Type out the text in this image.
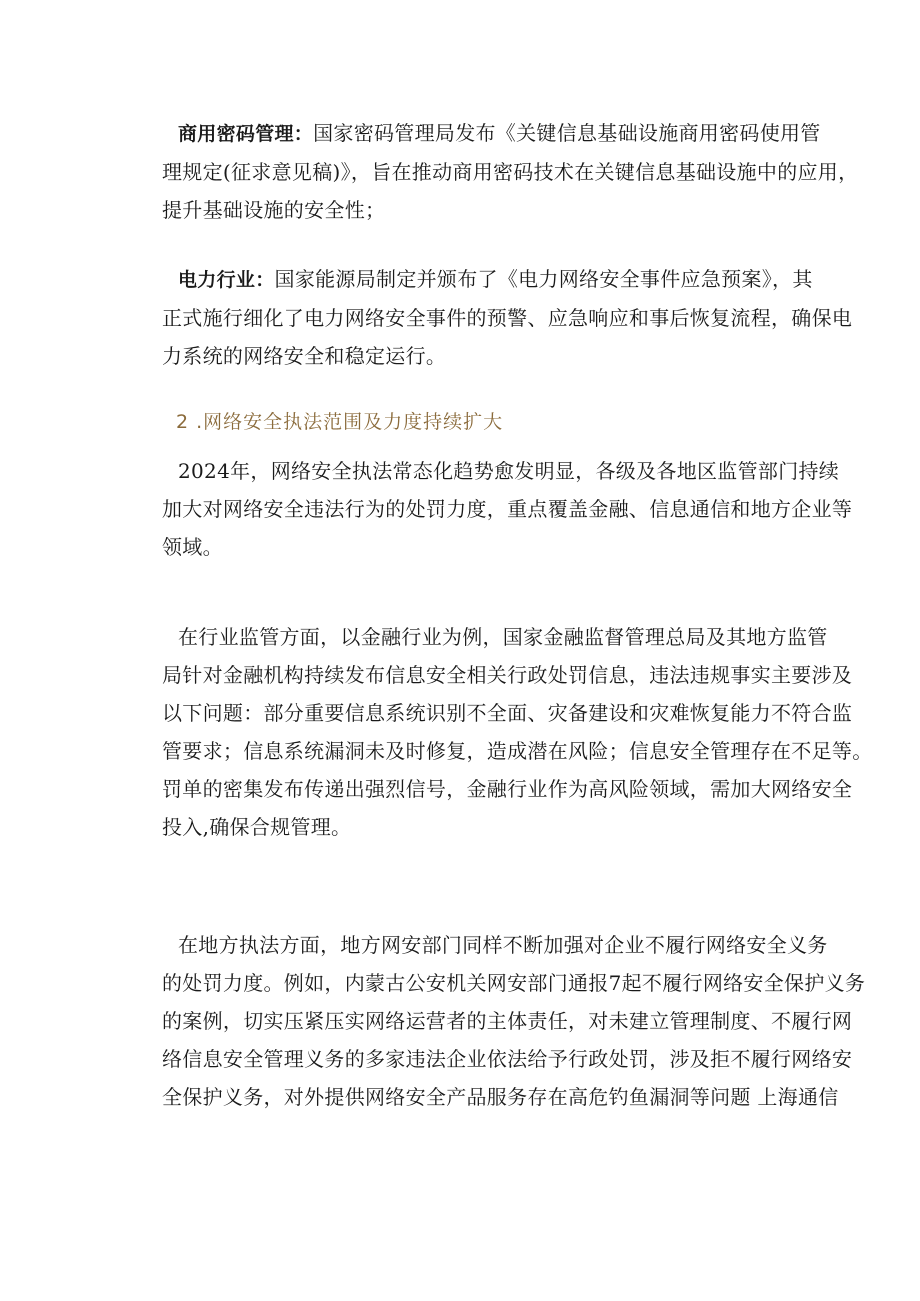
商用密码管理：国家密码管理局发布《关键信息基础设施商用密码使用管
理规定(征求意见稿)》，旨在推动商用密码技术在关键信息基础设施中的应用，
提升基础设施的安全性；

电力行业：国家能源局制定并颁布了《电力网络安全事件应急预案》，其
正式施行细化了电力网络安全事件的预警、应急响应和事后恢复流程，确保电
力系统的网络安全和稳定运行。

2 .网络安全执法范围及力度持续扩大

2024年，网络安全执法常态化趋势愈发明显，各级及各地区监管部门持续
加大对网络安全违法行为的处罚力度，重点覆盖金融、信息通信和地方企业等
领域。

在行业监管方面，以金融行业为例，国家金融监督管理总局及其地方监管
局针对金融机构持续发布信息安全相关行政处罚信息，违法违规事实主要涉及
以下问题：部分重要信息系统识别不全面、灾备建设和灾难恢复能力不符合监
管要求；信息系统漏洞未及时修复，造成潜在风险；信息安全管理存在不足等。
罚单的密集发布传递出强烈信号，金融行业作为高风险领域，需加大网络安全
投入,确保合规管理。

在地方执法方面，地方网安部门同样不断加强对企业不履行网络安全义务
的处罚力度。例如，内蒙古公安机关网安部门通报7起不履行网络安全保护义务
的案例，切实压紧压实网络运营者的主体责任，对未建立管理制度、不履行网
络信息安全管理义务的多家违法企业依法给予行政处罚，涉及拒不履行网络安
全保护义务，对外提供网络安全产品服务存在高危钓鱼漏洞等问题 上海通信
